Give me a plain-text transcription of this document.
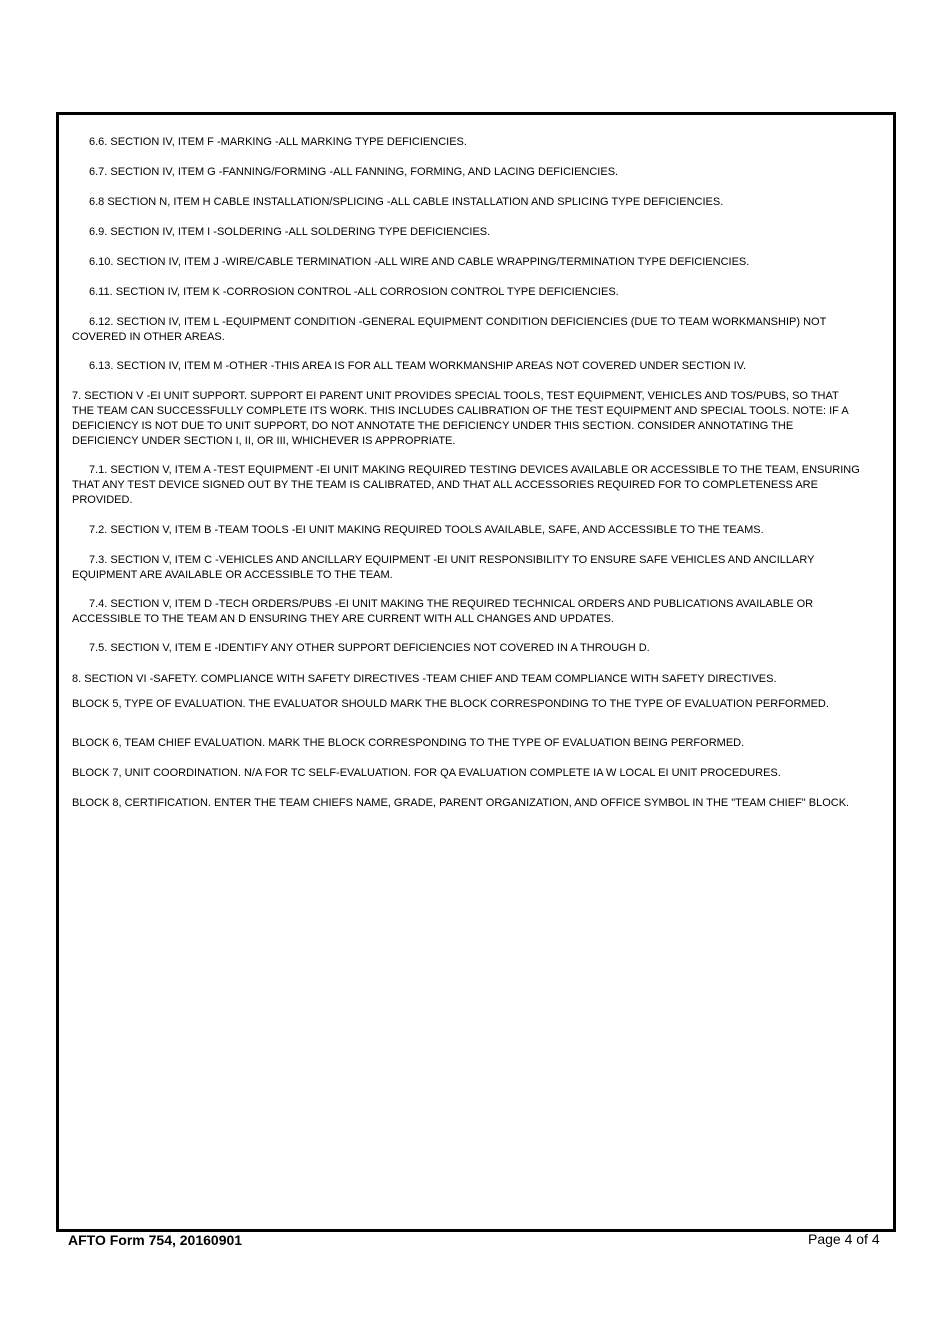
6.6. SECTION IV, ITEM F -MARKING -ALL MARKING TYPE DEFICIENCIES.

6.7. SECTION IV, ITEM G -FANNING/FORMING -ALL FANNING, FORMING, AND LACING DEFICIENCIES.

6.8 SECTION N, ITEM H CABLE INSTALLATION/SPLICING -ALL CABLE INSTALLATION AND SPLICING TYPE DEFICIENCIES.

6.9. SECTION IV, ITEM I -SOLDERING -ALL SOLDERING TYPE DEFICIENCIES.

6.10. SECTION IV, ITEM J -WIRE/CABLE TERMINATION -ALL WIRE AND CABLE WRAPPING/TERMINATION TYPE DEFICIENCIES.

6.11. SECTION IV, ITEM K -CORROSION CONTROL -ALL CORROSION CONTROL TYPE DEFICIENCIES.

6.12. SECTION IV, ITEM L -EQUIPMENT CONDITION -GENERAL EQUIPMENT CONDITION DEFICIENCIES (DUE TO TEAM WORKMANSHIP) NOT COVERED IN OTHER AREAS.

6.13. SECTION IV, ITEM M -OTHER -THIS AREA IS FOR ALL TEAM WORKMANSHIP AREAS NOT COVERED UNDER SECTION IV.

7. SECTION V -EI UNIT SUPPORT. SUPPORT EI PARENT UNIT PROVIDES SPECIAL TOOLS, TEST EQUIPMENT, VEHICLES AND TOS/PUBS, SO THAT THE TEAM CAN SUCCESSFULLY COMPLETE ITS WORK. THIS INCLUDES CALIBRATION OF THE TEST EQUIPMENT AND SPECIAL TOOLS. NOTE: IF A DEFICIENCY IS NOT DUE TO UNIT SUPPORT, DO NOT ANNOTATE THE DEFICIENCY UNDER THIS SECTION. CONSIDER ANNOTATING THE DEFICIENCY UNDER SECTION I, II, OR III, WHICHEVER IS APPROPRIATE.

7.1. SECTION V, ITEM A -TEST EQUIPMENT -EI UNIT MAKING REQUIRED TESTING DEVICES AVAILABLE OR ACCESSIBLE TO THE TEAM, ENSURING THAT ANY TEST DEVICE SIGNED OUT BY THE TEAM IS CALIBRATED, AND THAT ALL ACCESSORIES REQUIRED FOR TO COMPLETENESS ARE PROVIDED.

7.2. SECTION V, ITEM B -TEAM TOOLS -EI UNIT MAKING REQUIRED TOOLS AVAILABLE, SAFE, AND ACCESSIBLE TO THE TEAMS.

7.3. SECTION V, ITEM C -VEHICLES AND ANCILLARY EQUIPMENT -EI UNIT RESPONSIBILITY TO ENSURE SAFE VEHICLES AND ANCILLARY EQUIPMENT ARE AVAILABLE OR ACCESSIBLE TO THE TEAM.

7.4. SECTION V, ITEM D -TECH ORDERS/PUBS -EI UNIT MAKING THE REQUIRED TECHNICAL ORDERS AND PUBLICATIONS AVAILABLE OR ACCESSIBLE TO THE TEAM AN D ENSURING THEY ARE CURRENT WITH ALL CHANGES AND UPDATES.

7.5. SECTION V, ITEM E -IDENTIFY ANY OTHER SUPPORT DEFICIENCIES NOT COVERED IN A THROUGH D.

8. SECTION VI -SAFETY. COMPLIANCE WITH SAFETY DIRECTIVES -TEAM CHIEF AND TEAM COMPLIANCE WITH SAFETY DIRECTIVES.

BLOCK 5, TYPE OF EVALUATION. THE EVALUATOR SHOULD MARK THE BLOCK CORRESPONDING TO THE TYPE OF EVALUATION PERFORMED.

BLOCK 6, TEAM CHIEF EVALUATION. MARK THE BLOCK CORRESPONDING TO THE TYPE OF EVALUATION BEING PERFORMED.

BLOCK 7, UNIT COORDINATION. N/A FOR TC SELF-EVALUATION. FOR QA EVALUATION COMPLETE IA W LOCAL EI UNIT PROCEDURES.

BLOCK 8, CERTIFICATION. ENTER THE TEAM CHIEFS NAME, GRADE, PARENT ORGANIZATION, AND OFFICE SYMBOL IN THE "TEAM CHIEF" BLOCK.

AFTO Form 754, 20160901	Page 4 of 4
